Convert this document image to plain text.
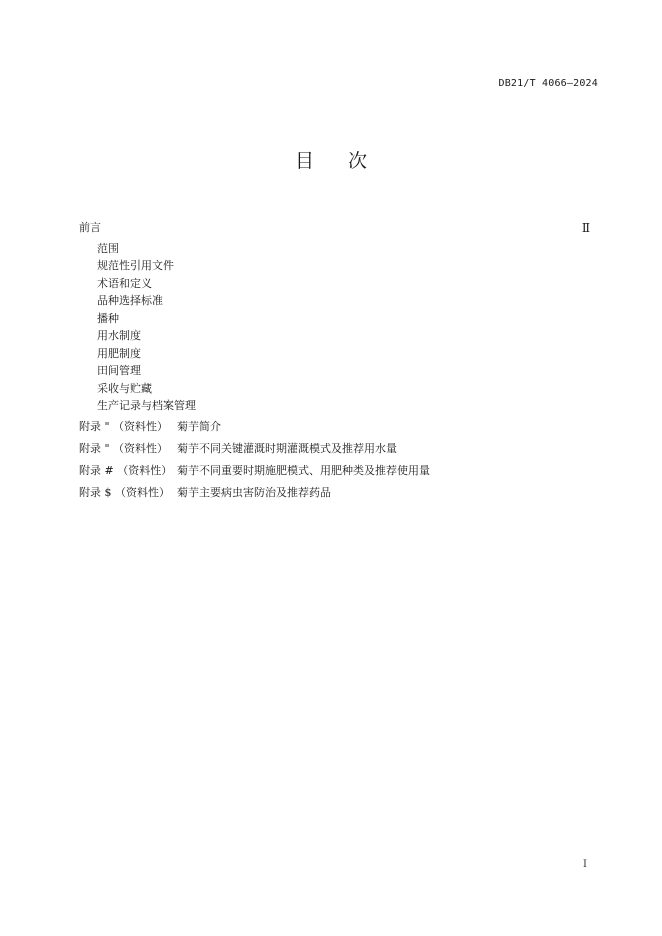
DB21/T 4066—2024
目 次
前言	Ⅱ
范围
规范性引用文件
术语和定义
品种选择标准
播种
用水制度
用肥制度
田间管理
采收与贮藏
生产记录与档案管理
附录 " （资料性） 菊芋简介
附录 " （资料性） 菊芋不同关键灌溉时期灌溉模式及推荐用水量
附录 # （资料性） 菊芋不同重要时期施肥模式、用肥种类及推荐使用量
附录 $ （资料性） 菊芋主要病虫害防治及推荐药品
I
